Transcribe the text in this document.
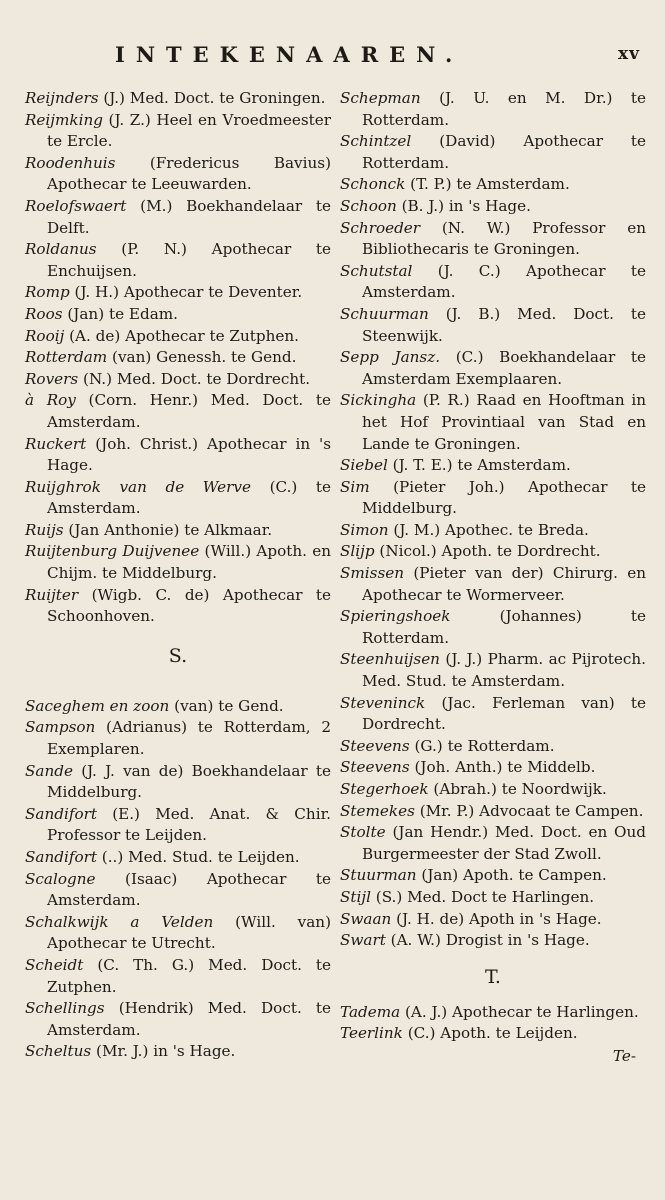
INTEKENAAREN.	xv
Reijnders (J.) Med. Doct. te Groningen.
Reijmking (J. Z.) Heel en Vroedmeester te Ercle.
Roodenhuis (Fredericus Bavius) Apothecar te Leeuwarden.
Roelofswaert (M.) Boekhandelaar te Delft.
Roldanus (P. N.) Apothecar te Enchuijsen.
Romp (J. H.) Apothecar te Deventer.
Roos (Jan) te Edam.
Rooij (A. de) Apothecar te Zutphen.
Rotterdam (van) Genessh. te Gend.
Rovers (N.) Med. Doct. te Dordrecht.
à Roy (Corn. Henr.) Med. Doct. te Amsterdam.
Ruckert (Joh. Christ.) Apothecar in 's Hage.
Ruijghrok van de Werve (C.) te Amsterdam.
Ruijs (Jan Anthonie) te Alkmaar.
Ruijtenburg Duijvenee (Will.) Apoth. en Chijm. te Middelburg.
Ruijter (Wigb. C. de) Apothecar te Schoonhoven.
S.
Saceghem en zoon (van) te Gend.
Sampson (Adrianus) te Rotterdam, 2 Exemplaren.
Sande (J. J. van de) Boekhandelaar te Middelburg.
Sandifort (E.) Med. Anat. & Chir. Professor te Leijden.
Sandifort (..) Med. Stud. te Leijden.
Scalogne (Isaac) Apothecar te Amsterdam.
Schalkwijk a Velden (Will. van) Apothecar te Utrecht.
Scheidt (C. Th. G.) Med. Doct. te Zutphen.
Schellings (Hendrik) Med. Doct. te Amsterdam.
Scheltus (Mr. J.) in 's Hage.
Schepman (J. U. en M. Dr.) te Rotterdam.
Schintzel (David) Apothecar te Rotterdam.
Schonck (T. P.) te Amsterdam.
Schoon (B. J.) in 's Hage.
Schroeder (N. W.) Professor en Bibliothecaris te Groningen.
Schutstal (J. C.) Apothecar te Amsterdam.
Schuurman (J. B.) Med. Doct. te Steenwijk.
Sepp Jansz. (C.) Boekhandelaar te Amsterdam Exemplaaren.
Sickingha (P. R.) Raad en Hooftman in het Hof Provintiaal van Stad en Lande te Groningen.
Siebel (J. T. E.) te Amsterdam.
Sim (Pieter Joh.) Apothecar te Middelburg.
Simon (J. M.) Apothec. te Breda.
Slijp (Nicol.) Apoth. te Dordrecht.
Smissen (Pieter van der) Chirurg. en Apothecar te Wormerveer.
Spieringshoek	(Johannes) te Rotterdam.
Steenhuijsen (J. J.) Pharm. ac Pijrotech. Med. Stud. te Amsterdam.
Steveninck (Jac. Ferleman van) te Dordrecht.
Steevens (G.) te Rotterdam.
Steevens (Joh. Anth.) te Middelb.
Stegerhoek (Abrah.) te Noordwijk.
Stemekes (Mr. P.) Advocaat te Campen.
Stolte (Jan Hendr.) Med. Doct. en Oud Burgermeester der Stad Zwoll.
Stuurman (Jan) Apoth. te Campen.
Stijl (S.) Med. Doct te Harlingen.
Swaan (J. H. de) Apoth in 's Hage.
Swart (A. W.) Drogist in 's Hage.
T.
Tadema (A. J.) Apothecar te Harlingen.
Teerlink (C.) Apoth. te Leijden.
Te-
